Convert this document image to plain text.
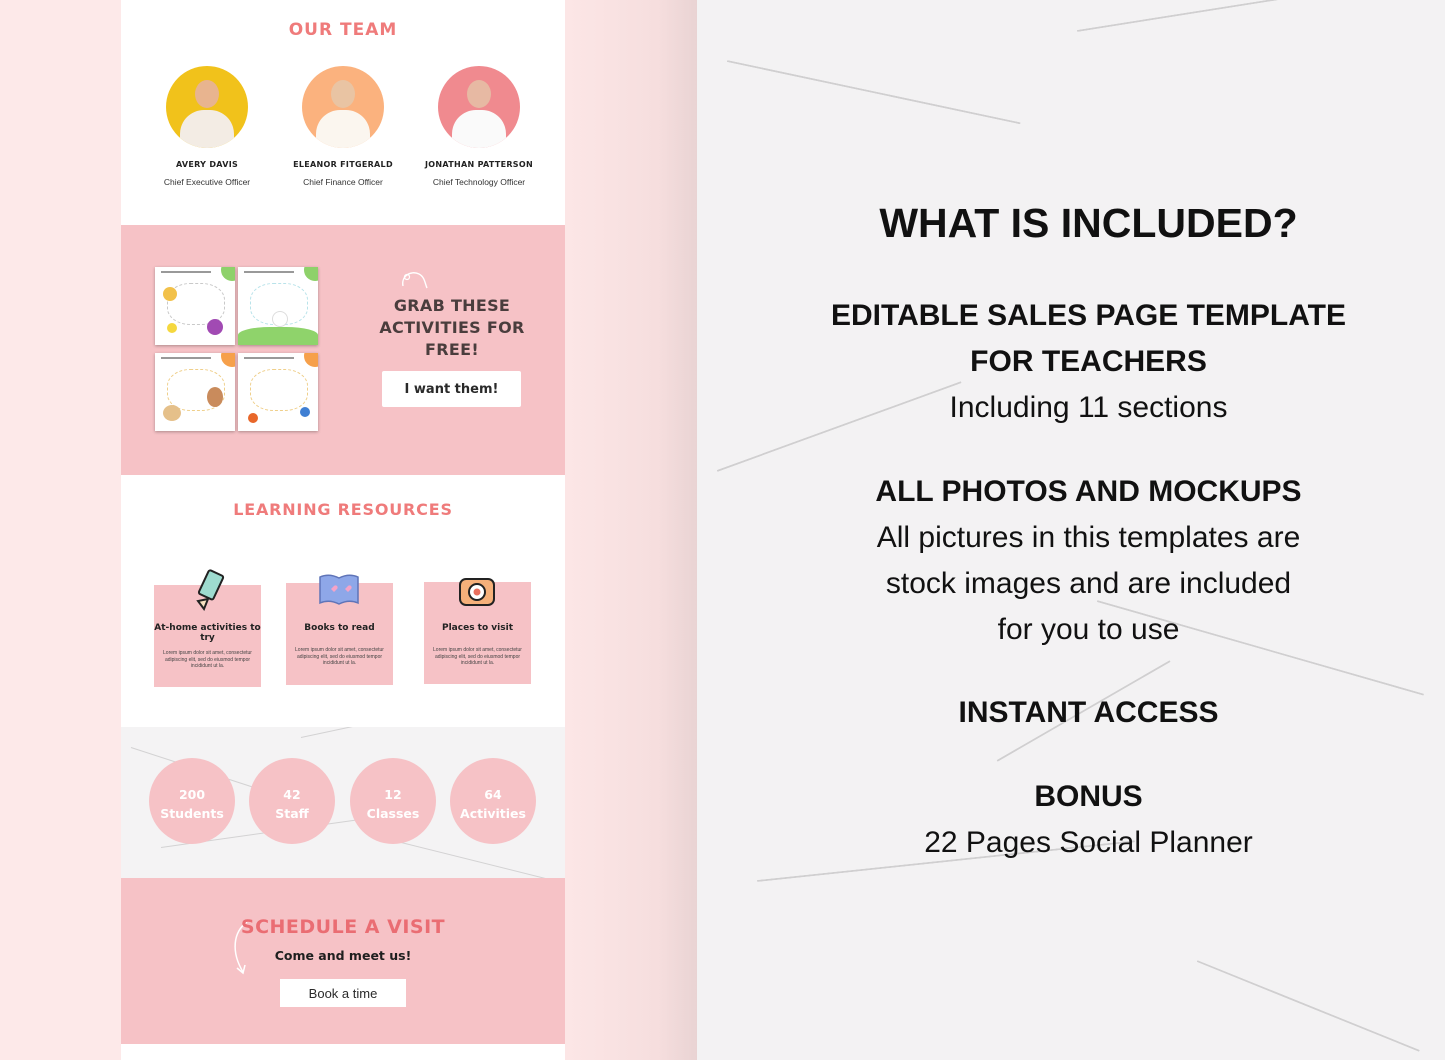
OUR TEAM
AVERY DAVIS
Chief Executive Officer
ELEANOR FITGERALD
Chief Finance Officer
JONATHAN PATTERSON
Chief Technology Officer
GRAB THESE ACTIVITIES FOR FREE!
I want them!
LEARNING RESOURCES
At-home activities to try
Lorem ipsum dolor sit amet, consectetur adipiscing elit, sed do eiusmod tempor incididunt ut la.
Books to read
Lorem ipsum dolor sit amet, consectetur adipiscing elit, sed do eiusmod tempor incididunt ut la.
Places to visit
Lorem ipsum dolor sit amet, consectetur adipiscing elit, sed do eiusmod tempor incididunt ut la.
200
Students
42
Staff
12
Classes
64
Activities
SCHEDULE A VISIT
Come and meet us!
Book a time
WHAT IS INCLUDED?
EDITABLE SALES PAGE TEMPLATE
FOR TEACHERS
Including 11 sections
ALL PHOTOS AND MOCKUPS
All pictures in this templates are
stock images and are included
for you to use
INSTANT ACCESS
BONUS
22 Pages Social Planner
